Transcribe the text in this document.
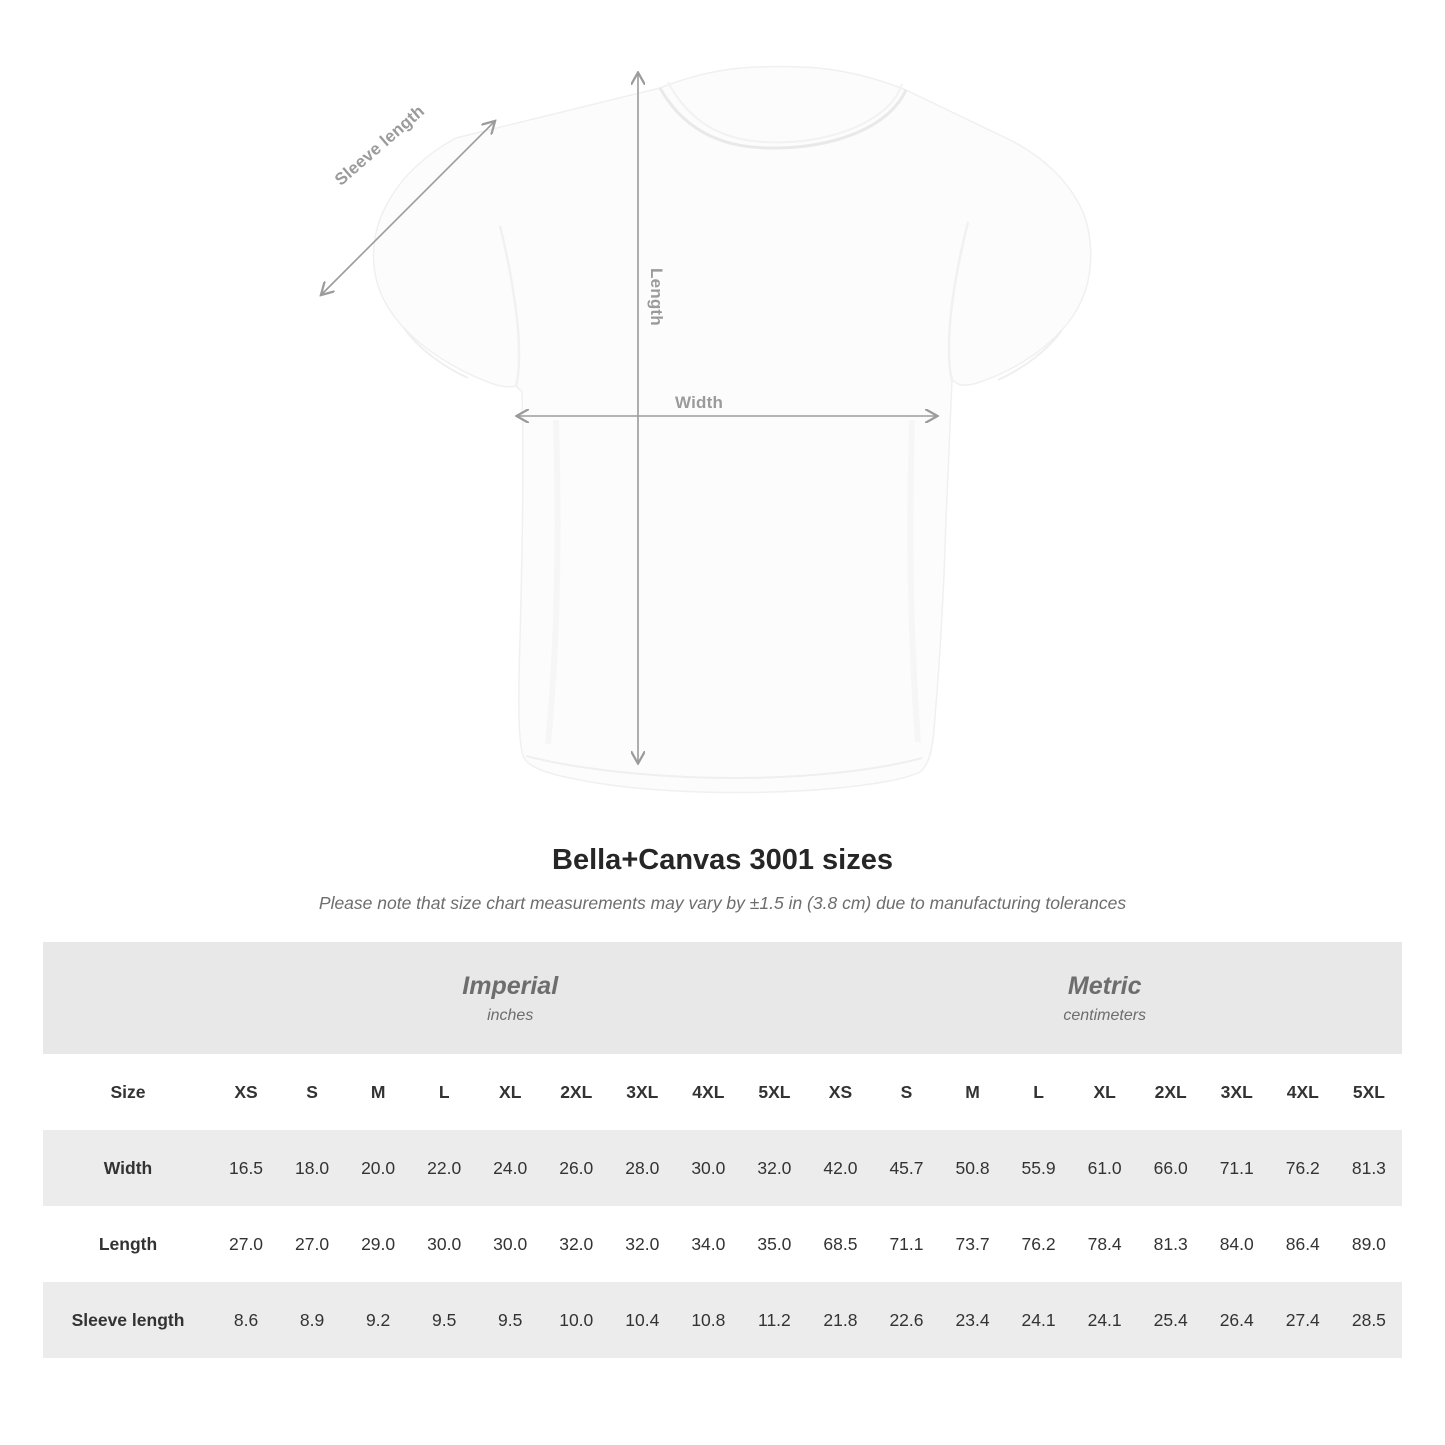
Sleeve length
Length
Width
Bella+Canvas 3001 sizes
Please note that size chart measurements may vary by ±1.5 in (3.8 cm) due to manufacturing tolerances

Imperial
inches

Metric
centimeters

Size	XS	S	M	L	XL	2XL	3XL	4XL	5XL	XS	S	M	L	XL	2XL	3XL	4XL	5XL
Width	16.5	18.0	20.0	22.0	24.0	26.0	28.0	30.0	32.0	42.0	45.7	50.8	55.9	61.0	66.0	71.1	76.2	81.3
Length	27.0	27.0	29.0	30.0	30.0	32.0	32.0	34.0	35.0	68.5	71.1	73.7	76.2	78.4	81.3	84.0	86.4	89.0
Sleeve length	8.6	8.9	9.2	9.5	9.5	10.0	10.4	10.8	11.2	21.8	22.6	23.4	24.1	24.1	25.4	26.4	27.4	28.5
